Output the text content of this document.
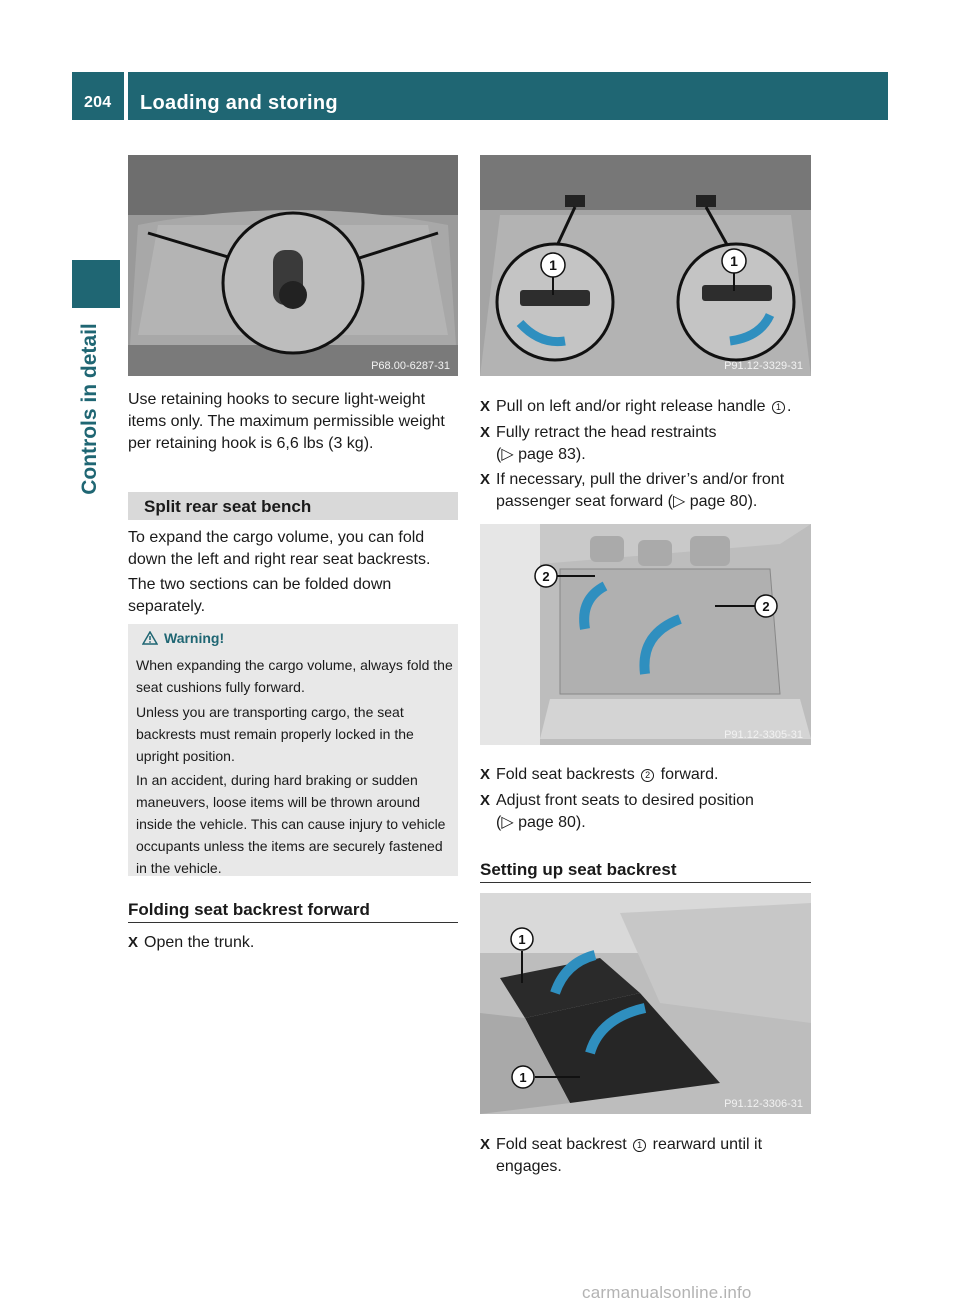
204 Loading and storing
Controls in detail	P68.00-6287-31
Use retaining hooks to secure light-weight items only. The maximum permissible weight per retaining hook is 6,6 lbs (3 kg).
Split rear seat bench
To expand the cargo volume, you can fold down the left and right rear seat backrests.
The two sections can be folded down separately.
Warning!
When expanding the cargo volume, always fold the seat cushions fully forward.
Unless you are transporting cargo, the seat backrests must remain properly locked in the upright position.
In an accident, during hard braking or sudden maneuvers, loose items will be thrown around inside the vehicle. This can cause injury to vehicle occupants unless the items are securely fastened in the vehicle.
Folding seat backrest forward
X Open the trunk.
1	1
P91.12-3329-31
X Pull on left and/or right release handle 1 .
X Fully retract the head restraints
(▷ page 83).
X If necessary, pull the driver’s and/or front
passenger seat forward (▷ page 80).
2
2
P91.12-3305-31
X Fold seat backrests 2 forward.
X Adjust front seats to desired position
(▷ page 80).
Setting up seat backrest
1
1
P91.12-3306-31
X Fold seat backrest 1 rearward until it
engages.
carmanualsonline.info
